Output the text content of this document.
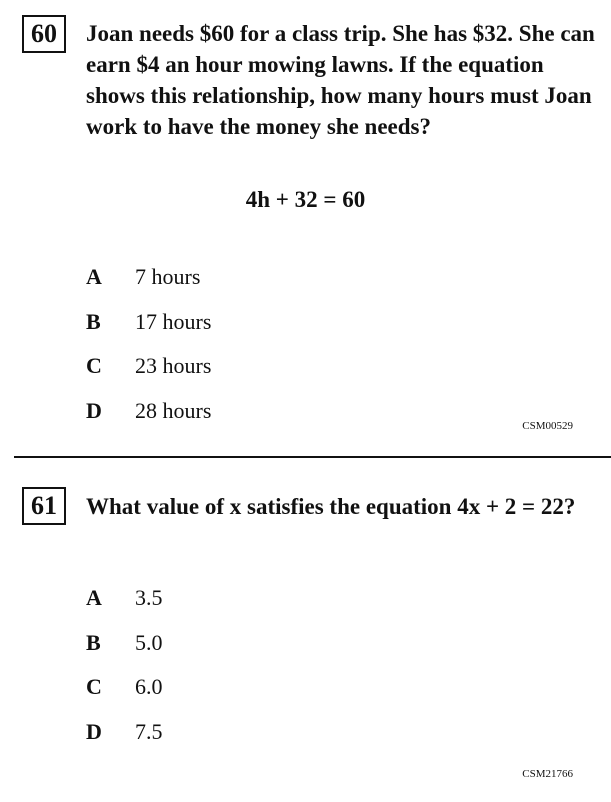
60	Joan needs $60 for a class trip. She has $32. She can earn $4 an hour mowing lawns. If the equation shows this relationship, how many hours must Joan work to have the money she needs?

4h + 32 = 60
A	7 hours
B	17 hours
C	23 hours
D	28 hours
CSM00529
61	What value of x satisfies the equation 4x + 2 = 22?

A	3.5
B	5.0
C	6.0
D	7.5
CSM21766
